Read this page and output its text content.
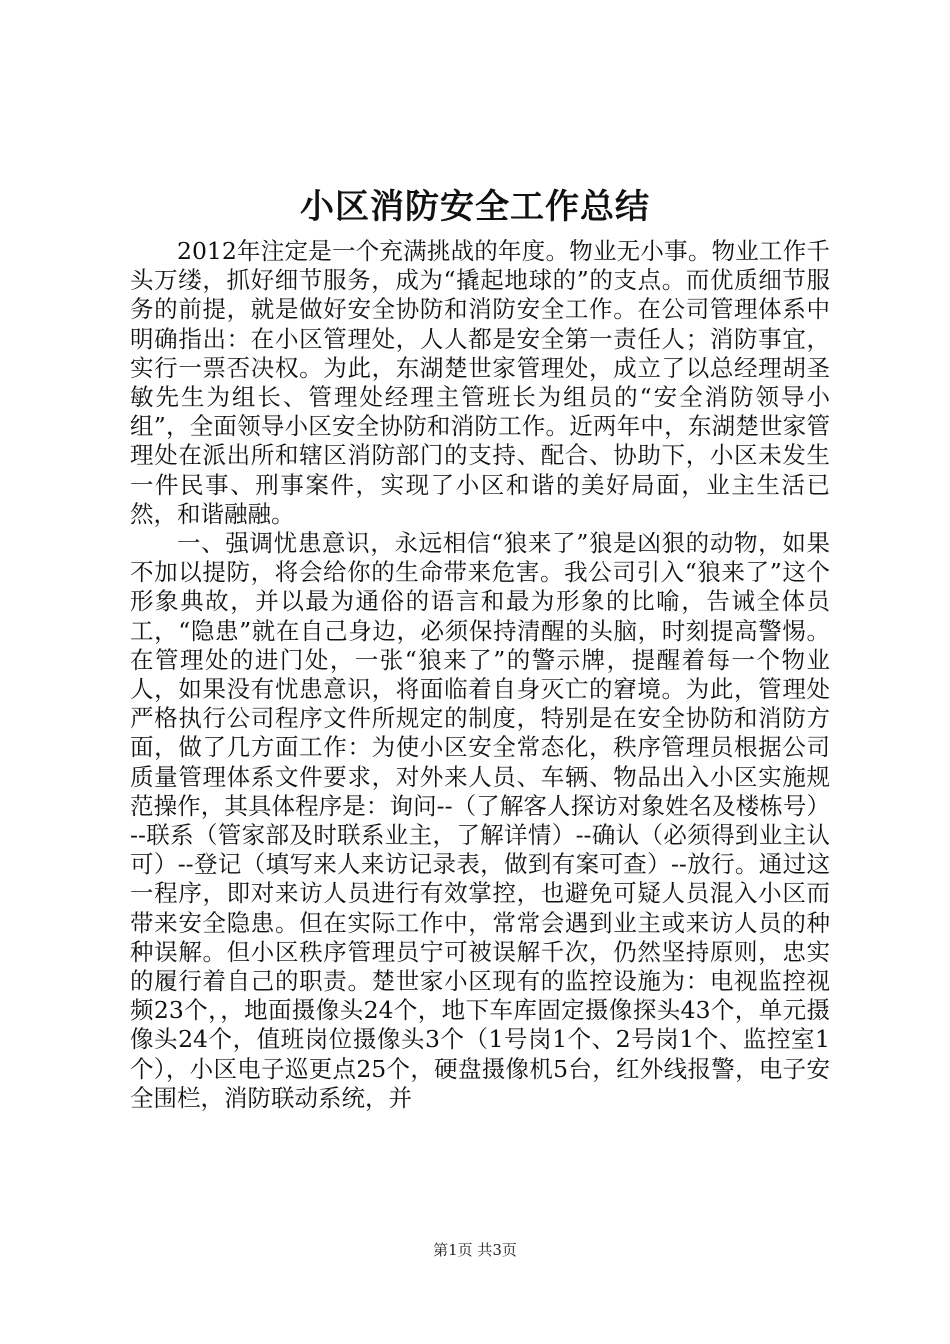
小区消防安全工作总结

2012年注定是一个充满挑战的年度。物业无小事。物业工作千头万缕，抓好细节服务，成为“撬起地球的”的支点。而优质细节服务的前提，就是做好安全协防和消防安全工作。在公司管理体系中明确指出：在小区管理处，人人都是安全第一责任人；消防事宜，实行一票否决权。为此，东湖楚世家管理处，成立了以总经理胡圣敏先生为组长、管理处经理主管班长为组员的“安全消防领导小组”，全面领导小区安全协防和消防工作。近两年中，东湖楚世家管理处在派出所和辖区消防部门的支持、配合、协助下，小区未发生一件民事、刑事案件，实现了小区和谐的美好局面，业主生活已然，和谐融融。

一、强调忧患意识，永远相信“狼来了”狼是凶狠的动物，如果不加以提防，将会给你的生命带来危害。我公司引入“狼来了”这个形象典故，并以最为通俗的语言和最为形象的比喻，告诫全体员工，“隐患”就在自己身边，必须保持清醒的头脑，时刻提高警惕。在管理处的进门处，一张“狼来了”的警示牌，提醒着每一个物业人，如果没有忧患意识，将面临着自身灭亡的窘境。为此，管理处严格执行公司程序文件所规定的制度，特别是在安全协防和消防方面，做了几方面工作：为使小区安全常态化，秩序管理员根据公司质量管理体系文件要求，对外来人员、车辆、物品出入小区实施规范操作，其具体程序是：询问--（了解客人探访对象姓名及楼栋号）--联系（管家部及时联系业主，了解详情）--确认（必须得到业主认可）--登记（填写来人来访记录表，做到有案可查）--放行。通过这一程序，即对来访人员进行有效掌控，也避免可疑人员混入小区而带来安全隐患。但在实际工作中，常常会遇到业主或来访人员的种种误解。但小区秩序管理员宁可被误解千次，仍然坚持原则，忠实的履行着自己的职责。楚世家小区现有的监控设施为：电视监控视频23个，，地面摄像头24个，地下车库固定摄像探头43个，单元摄像头24个，值班岗位摄像头3个（1号岗1个、2号岗1个、监控室1个），小区电子巡更点25个，硬盘摄像机5台，红外线报警，电子安全围栏，消防联动系统，并

第1页 共3页
